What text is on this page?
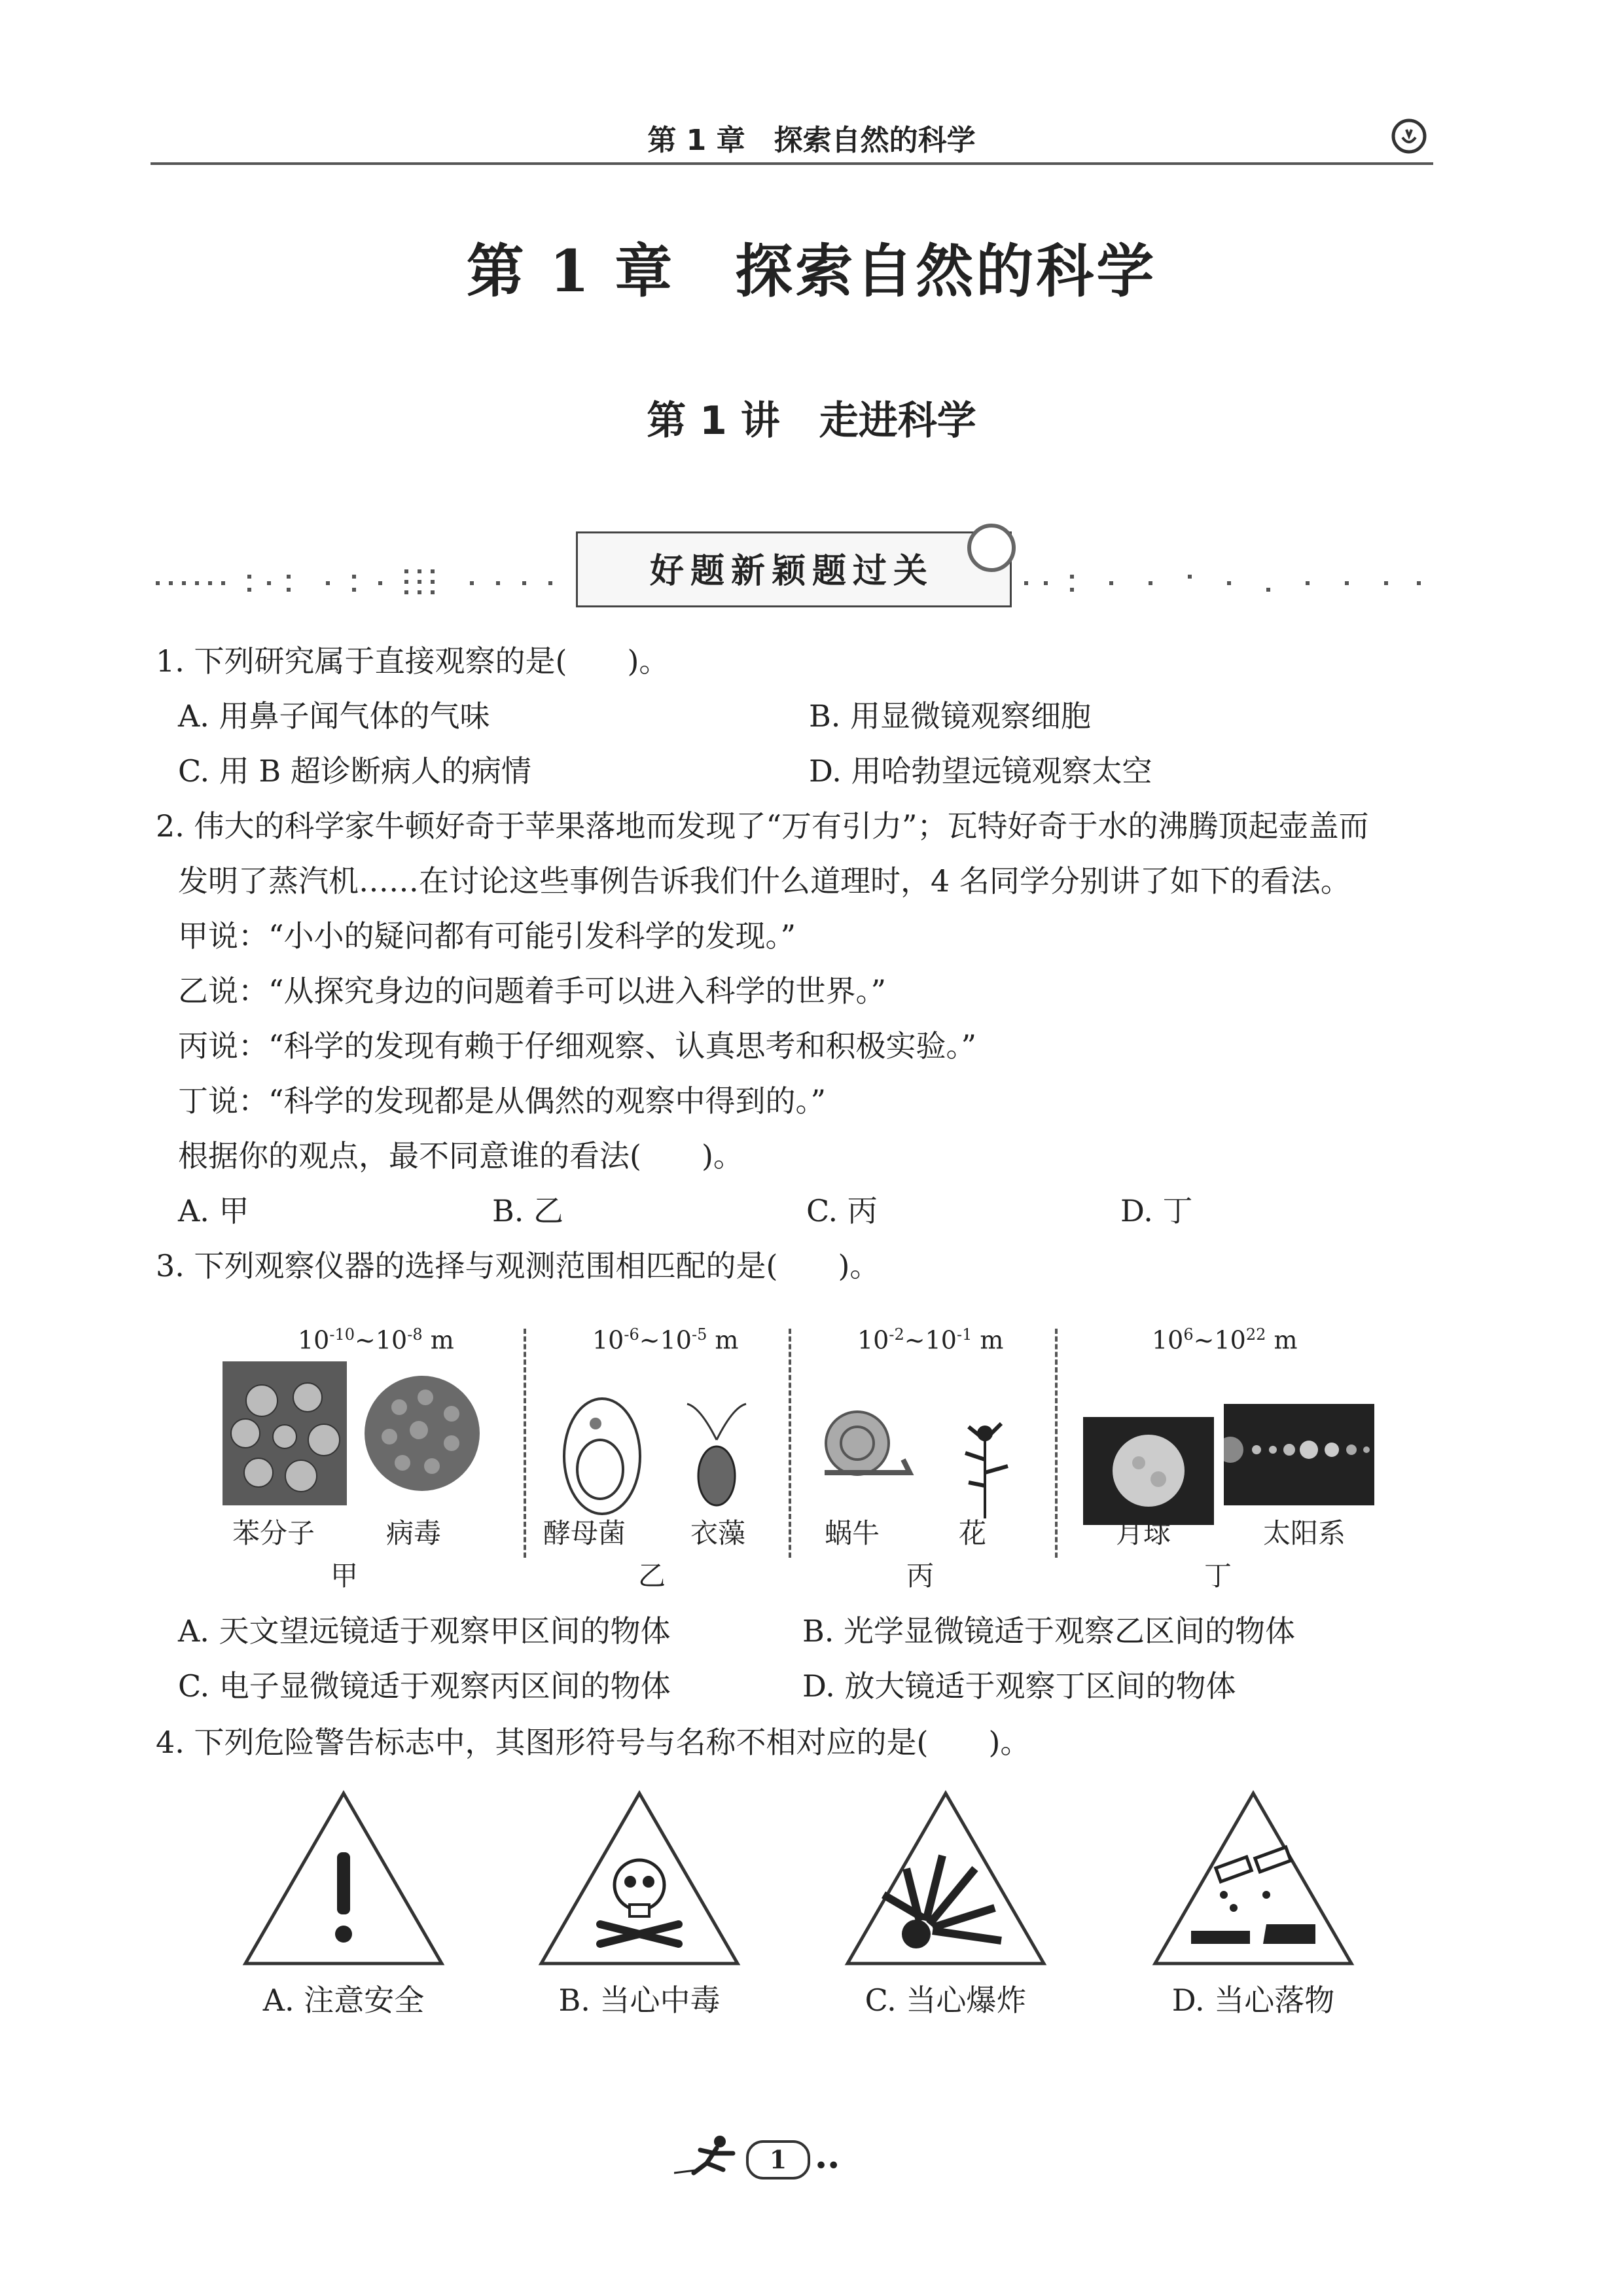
第 1 章　探索自然的科学
第 1 章　探索自然的科学
第 1 讲　走进科学
好题新颖题过关
1. 下列研究属于直接观察的是(　　)。
A. 用鼻子闻气体的气味	B. 用显微镜观察细胞
C. 用 B 超诊断病人的病情	D. 用哈勃望远镜观察太空
2. 伟大的科学家牛顿好奇于苹果落地而发现了“万有引力”；瓦特好奇于水的沸腾顶起壶盖而
发明了蒸汽机……在讨论这些事例告诉我们什么道理时，4 名同学分别讲了如下的看法。
甲说：“小小的疑问都有可能引发科学的发现。”
乙说：“从探究身边的问题着手可以进入科学的世界。”
丙说：“科学的发现有赖于仔细观察、认真思考和积极实验。”
丁说：“科学的发现都是从偶然的观察中得到的。”
根据你的观点，最不同意谁的看法(　　)。
A. 甲	B. 乙	C. 丙	D. 丁
3. 下列观察仪器的选择与观测范围相匹配的是(　　)。
$10^{-10}\sim 10^{-8}$ m	$10^{-6}\sim 10^{-5}$ m	$10^{-2}\sim 10^{-1}$ m	$10^6\sim 10^{22}$ m
苯分子	病毒	酵母菌 衣藻	蜗牛	花	月球	太阳系
甲	乙	丙	丁
A. 天文望远镜适于观察甲区间的物体	B. 光学显微镜适于观察乙区间的物体
C. 电子显微镜适于观察丙区间的物体	D. 放大镜适于观察丁区间的物体
4. 下列危险警告标志中，其图形符号与名称不相对应的是(　　)。
A. 注意安全	B. 当心中毒	C. 当心爆炸	D. 当心落物
1	••
